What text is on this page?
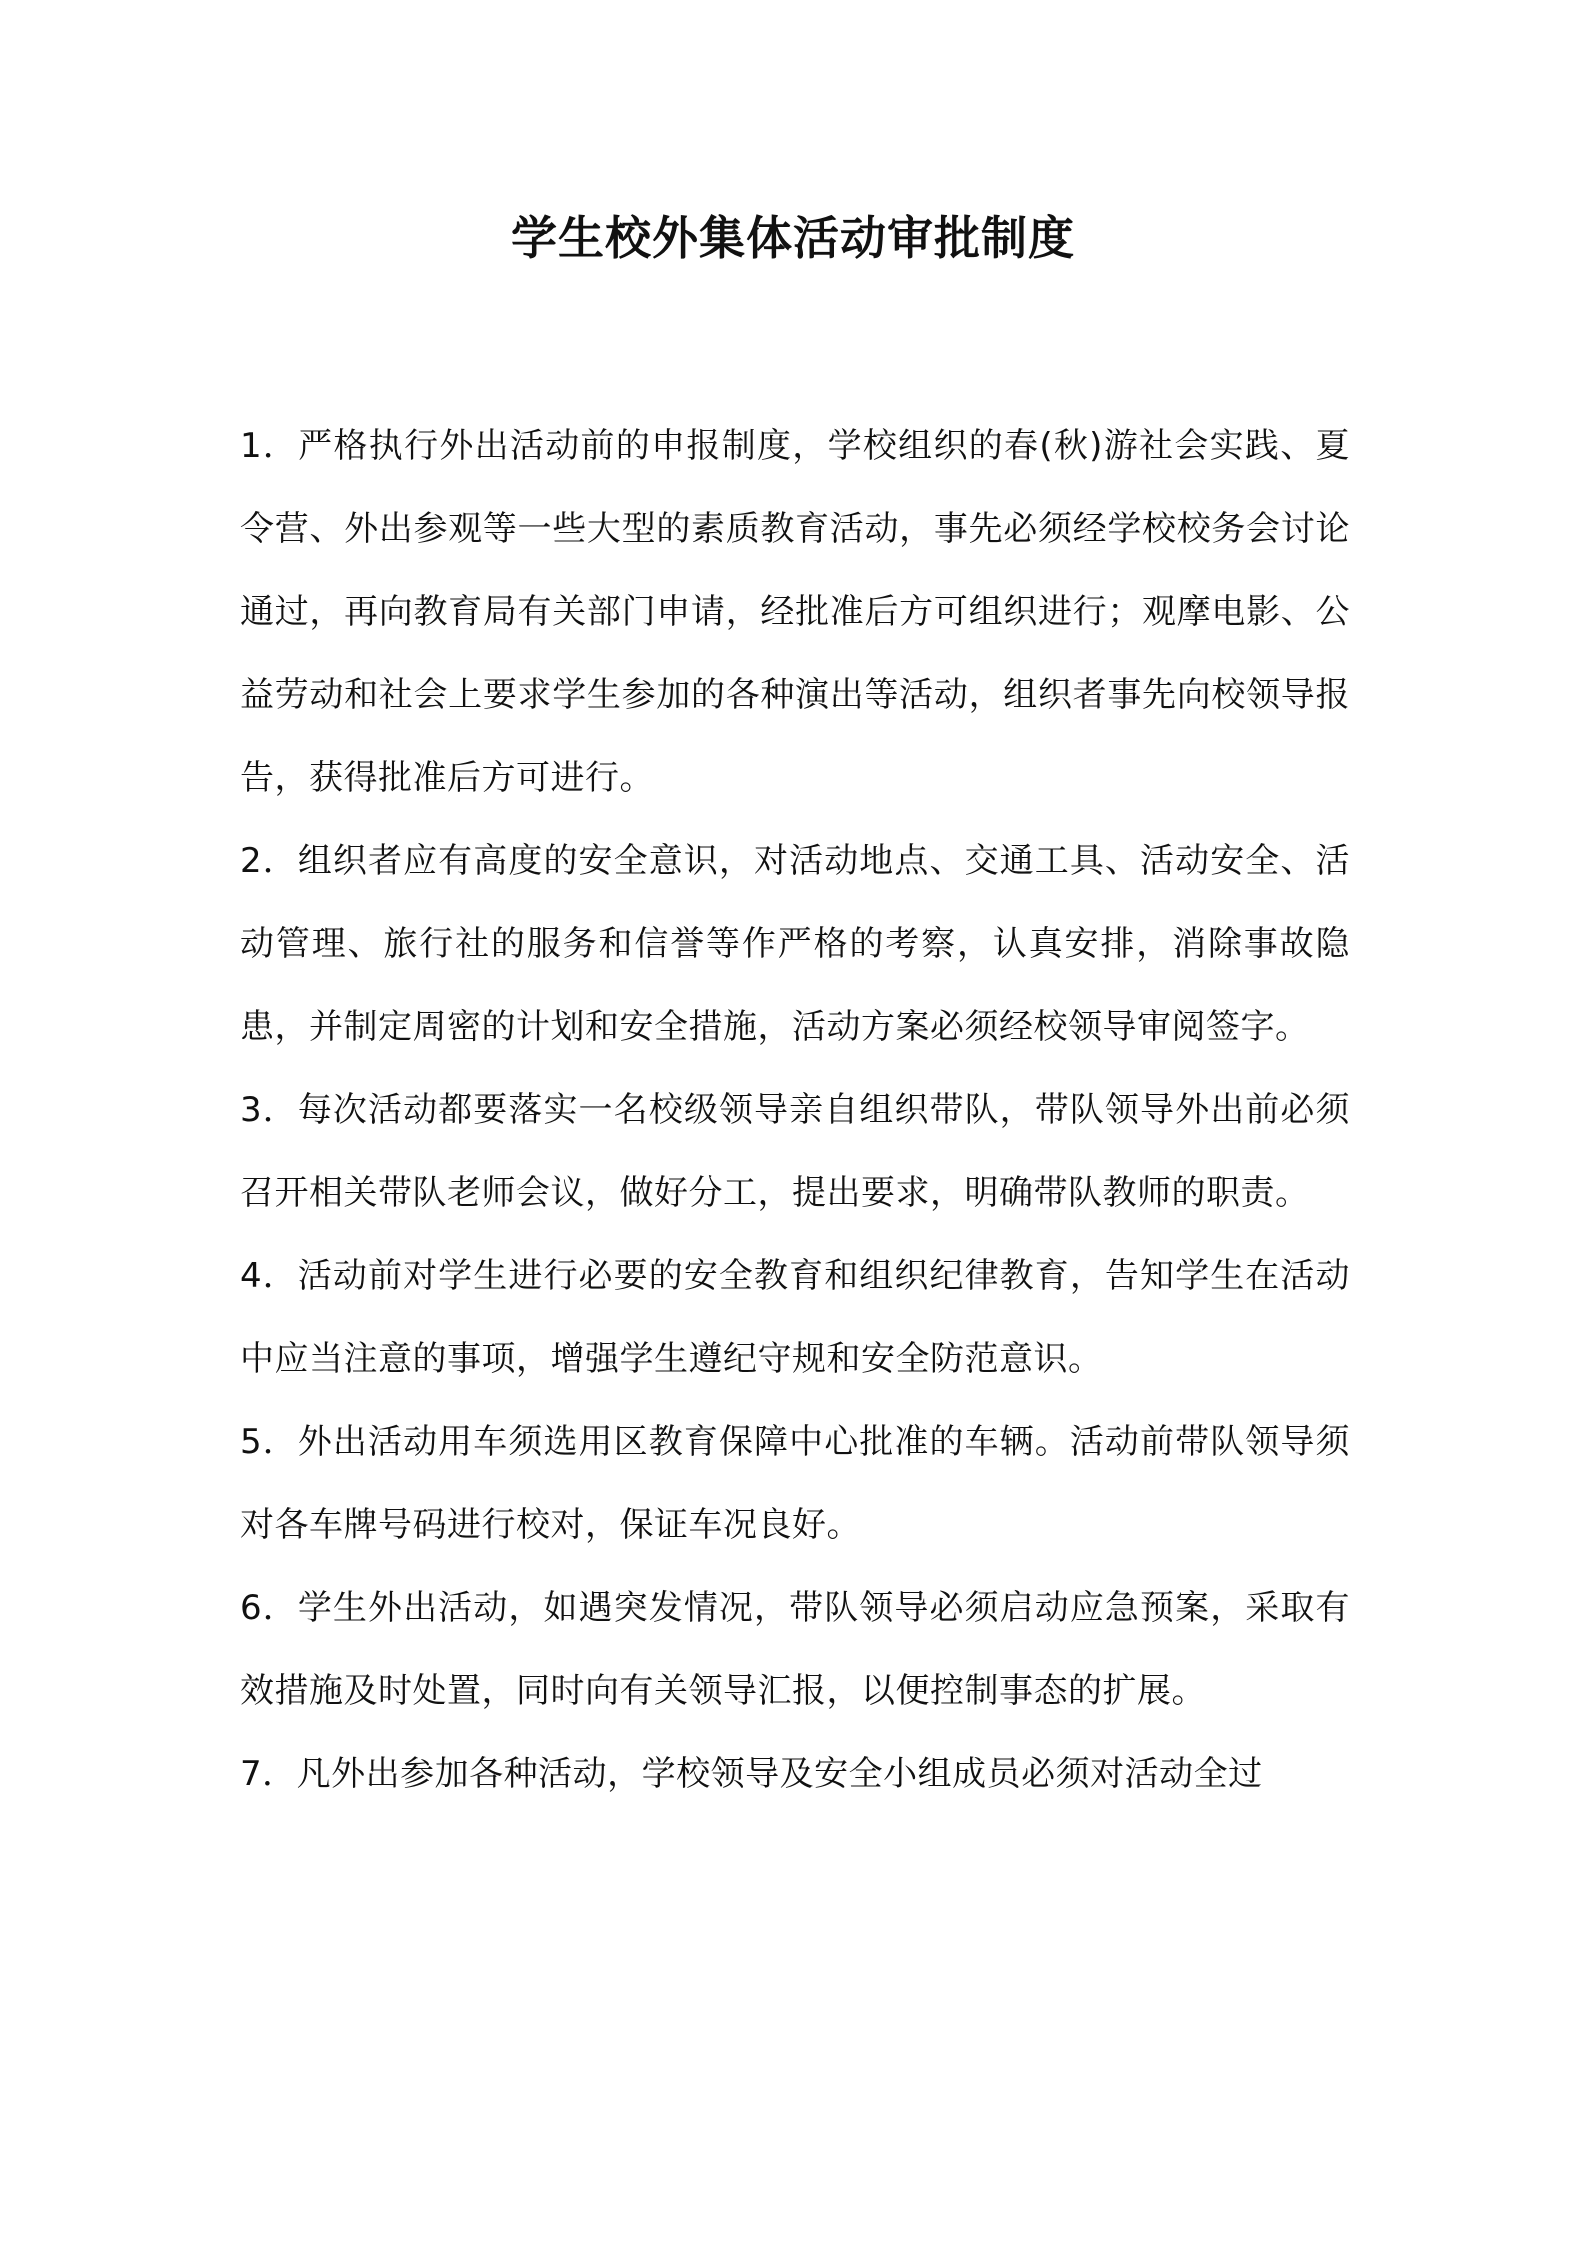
学生校外集体活动审批制度

1．严格执行外出活动前的申报制度，学校组织的春(秋)游社会实践、夏令营、外出参观等一些大型的素质教育活动，事先必须经学校校务会讨论通过，再向教育局有关部门申请，经批准后方可组织进行；观摩电影、公益劳动和社会上要求学生参加的各种演出等活动，组织者事先向校领导报告，获得批准后方可进行。

2．组织者应有高度的安全意识，对活动地点、交通工具、活动安全、活动管理、旅行社的服务和信誉等作严格的考察，认真安排，消除事故隐患，并制定周密的计划和安全措施，活动方案必须经校领导审阅签字。

3．每次活动都要落实一名校级领导亲自组织带队，带队领导外出前必须召开相关带队老师会议，做好分工，提出要求，明确带队教师的职责。

4．活动前对学生进行必要的安全教育和组织纪律教育，告知学生在活动中应当注意的事项，增强学生遵纪守规和安全防范意识。

5．外出活动用车须选用区教育保障中心批准的车辆。活动前带队领导须对各车牌号码进行校对，保证车况良好。

6．学生外出活动，如遇突发情况，带队领导必须启动应急预案，采取有效措施及时处置，同时向有关领导汇报，以便控制事态的扩展。

7．凡外出参加各种活动，学校领导及安全小组成员必须对活动全过
